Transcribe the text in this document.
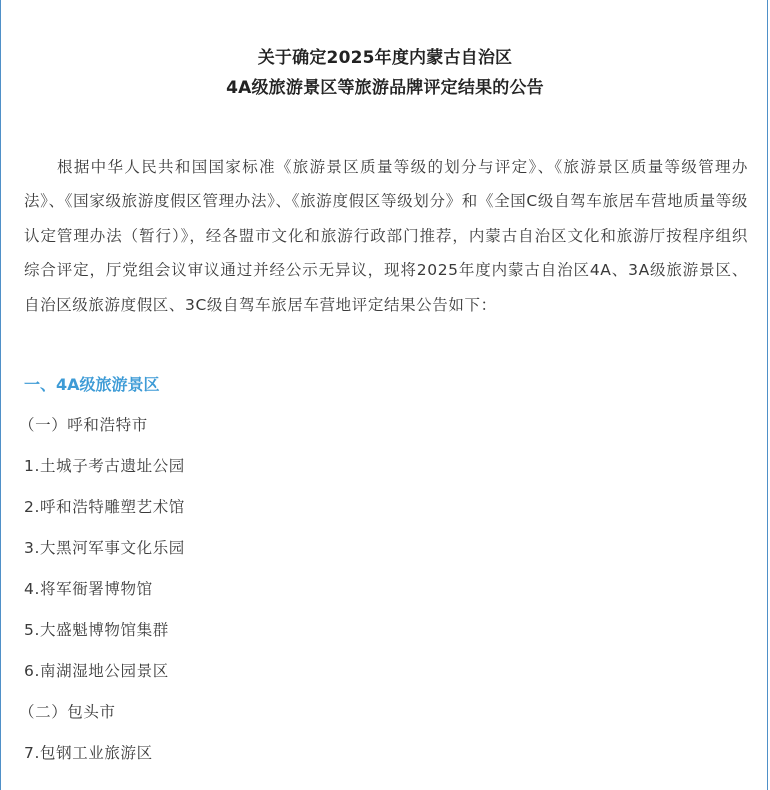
关于确定2025年度内蒙古自治区
4A级旅游景区等旅游品牌评定结果的公告

根据中华人民共和国国家标准《旅游景区质量等级的划分与评定》、《旅游景区质量等级管理办法》、《国家级旅游度假区管理办法》、《旅游度假区等级划分》和《全国C级自驾车旅居车营地质量等级认定管理办法（暂行）》，经各盟市文化和旅游行政部门推荐，内蒙古自治区文化和旅游厅按程序组织综合评定，厅党组会议审议通过并经公示无异议，现将2025年度内蒙古自治区4A、3A级旅游景区、自治区级旅游度假区、3C级自驾车旅居车营地评定结果公告如下：

一、4A级旅游景区
（一）呼和浩特市
1.土城子考古遗址公园
2.呼和浩特雕塑艺术馆
3.大黑河军事文化乐园
4.将军衙署博物馆
5.大盛魁博物馆集群
6.南湖湿地公园景区
（二）包头市
7.包钢工业旅游区
